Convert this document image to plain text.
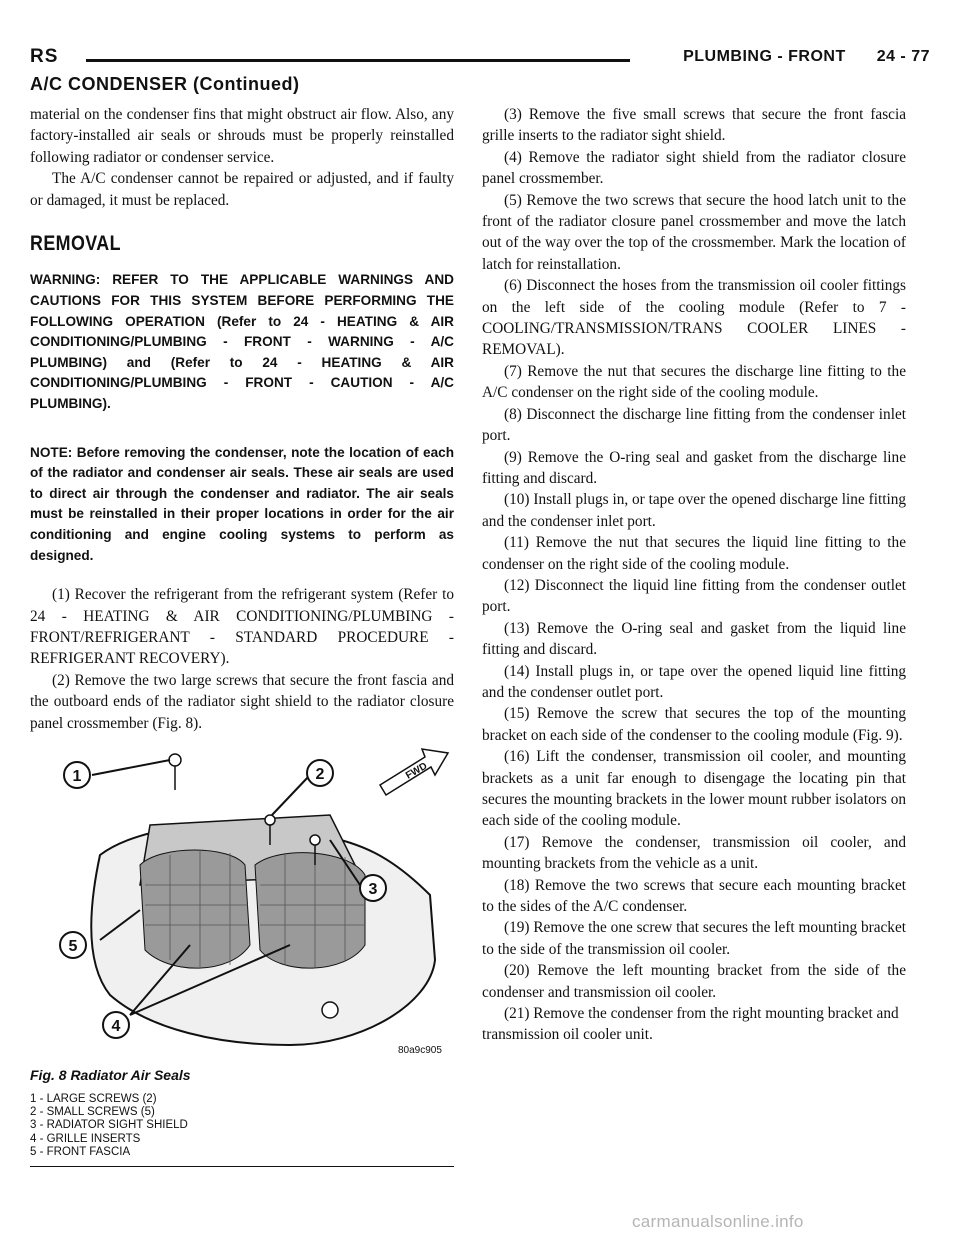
RS	PLUMBING - FRONT 24 - 77
A/C CONDENSER (Continued)

material on the condenser fins that might obstruct air flow. Also, any factory-installed air seals or shrouds must be properly reinstalled following radiator or condenser service.

The A/C condenser cannot be repaired or adjusted, and if faulty or damaged, it must be replaced.

REMOVAL

WARNING: REFER TO THE APPLICABLE WARNINGS AND CAUTIONS FOR THIS SYSTEM BEFORE PERFORMING THE FOLLOWING OPERATION (Refer to 24 - HEATING & AIR CONDITIONING/PLUMBING - FRONT - WARNING - A/C PLUMBING) and (Refer to 24 - HEATING & AIR CONDITIONING/PLUMBING - FRONT - CAUTION - A/C PLUMBING).

NOTE: Before removing the condenser, note the location of each of the radiator and condenser air seals. These air seals are used to direct air through the condenser and radiator. The air seals must be reinstalled in their proper locations in order for the air conditioning and engine cooling systems to perform as designed.

(1) Recover the refrigerant from the refrigerant system (Refer to 24 - HEATING & AIR CONDITIONING/PLUMBING - FRONT/REFRIGERANT - STANDARD PROCEDURE - REFRIGERANT RECOVERY).

(2) Remove the two large screws that secure the front fascia and the outboard ends of the radiator sight shield to the radiator closure panel crossmember (Fig. 8).

1	2
3
5
4
FWD
80a9c905
Fig. 8 Radiator Air Seals
1 - LARGE SCREWS (2)
2 - SMALL SCREWS (5)
3 - RADIATOR SIGHT SHIELD
4 - GRILLE INSERTS
5 - FRONT FASCIA

(3) Remove the five small screws that secure the front fascia grille inserts to the radiator sight shield.

(4) Remove the radiator sight shield from the radiator closure panel crossmember.

(5) Remove the two screws that secure the hood latch unit to the front of the radiator closure panel crossmember and move the latch out of the way over the top of the crossmember. Mark the location of latch for reinstallation.

(6) Disconnect the hoses from the transmission oil cooler fittings on the left side of the cooling module (Refer to 7 - COOLING/TRANSMISSION/TRANS COOLER LINES - REMOVAL).

(7) Remove the nut that secures the discharge line fitting to the A/C condenser on the right side of the cooling module.

(8) Disconnect the discharge line fitting from the condenser inlet port.

(9) Remove the O-ring seal and gasket from the discharge line fitting and discard.

(10) Install plugs in, or tape over the opened discharge line fitting and the condenser inlet port.

(11) Remove the nut that secures the liquid line fitting to the condenser on the right side of the cooling module.

(12) Disconnect the liquid line fitting from the condenser outlet port.

(13) Remove the O-ring seal and gasket from the liquid line fitting and discard.

(14) Install plugs in, or tape over the opened liquid line fitting and the condenser outlet port.

(15) Remove the screw that secures the top of the mounting bracket on each side of the condenser to the cooling module (Fig. 9).

(16) Lift the condenser, transmission oil cooler, and mounting brackets as a unit far enough to disengage the locating pin that secures the mounting brackets in the lower mount rubber isolators on each side of the cooling module.

(17) Remove the condenser, transmission oil cooler, and mounting brackets from the vehicle as a unit.

(18) Remove the two screws that secure each mounting bracket to the sides of the A/C condenser.

(19) Remove the one screw that secures the left mounting bracket to the side of the transmission oil cooler.

(20) Remove the left mounting bracket from the side of the condenser and transmission oil cooler.

(21) Remove the condenser from the right mounting bracket and transmission oil cooler unit.

carmanualsonline.info
